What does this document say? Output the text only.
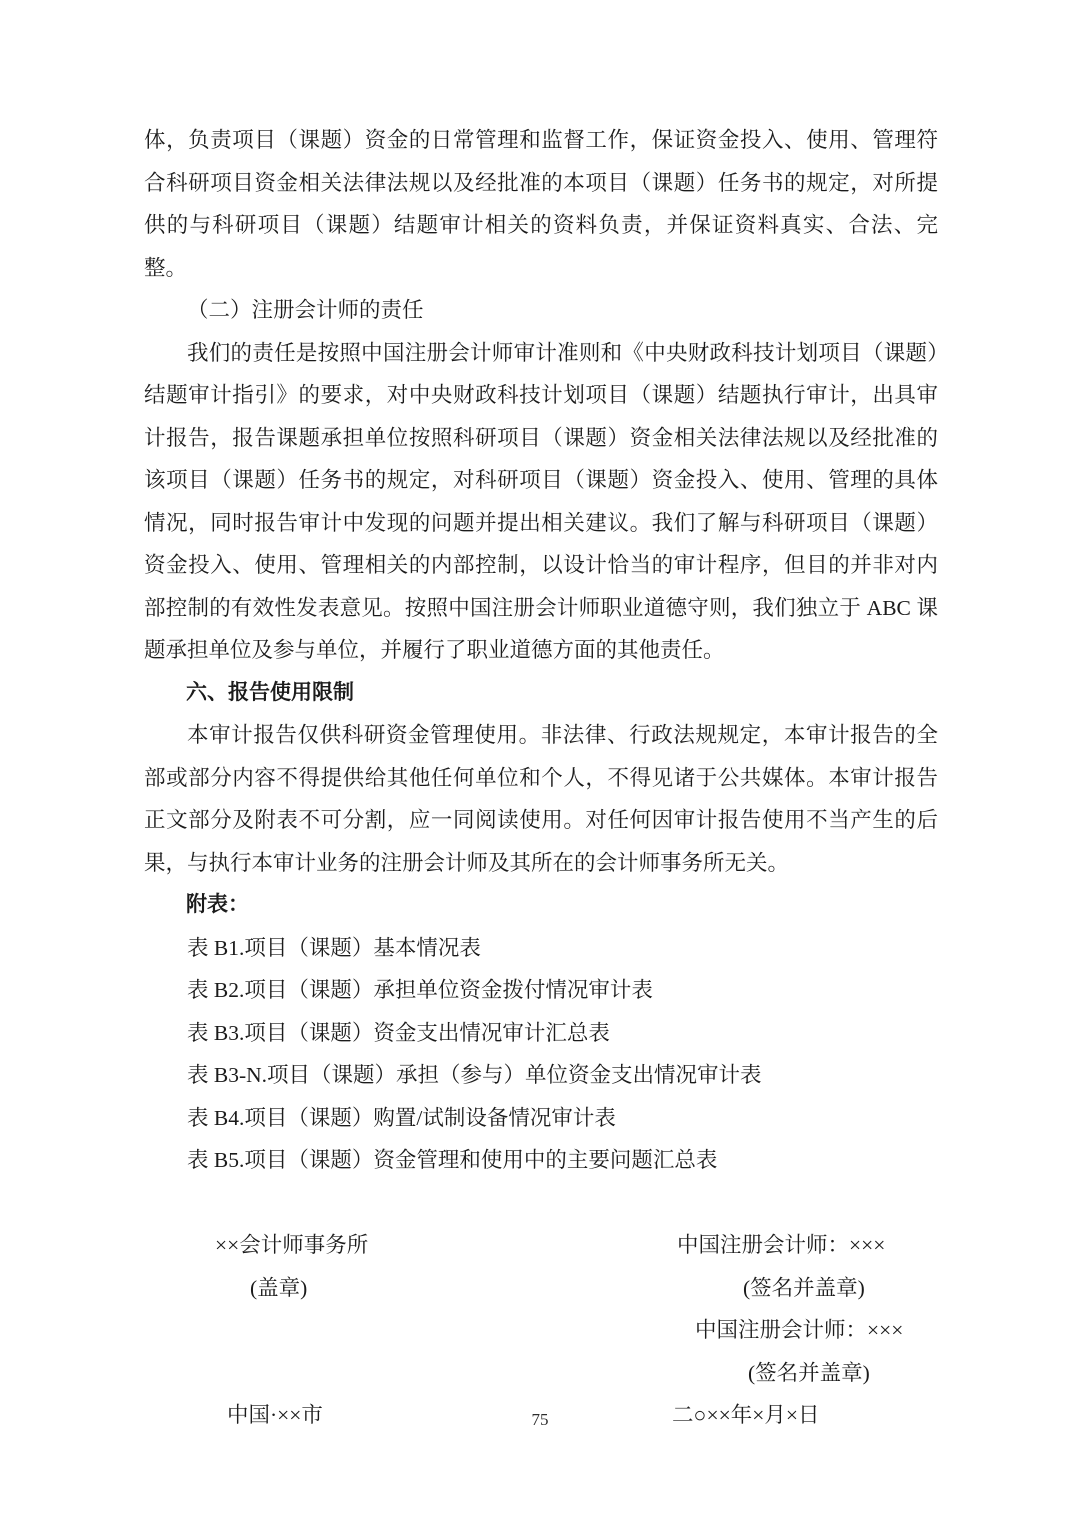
体，负责项目（课题）资金的日常管理和监督工作，保证资金投入、使用、管理符合科研项目资金相关法律法规以及经批准的本项目（课题）任务书的规定，对所提供的与科研项目（课题）结题审计相关的资料负责，并保证资料真实、合法、完整。

（二）注册会计师的责任

我们的责任是按照中国注册会计师审计准则和《中央财政科技计划项目（课题）结题审计指引》的要求，对中央财政科技计划项目（课题）结题执行审计，出具审计报告，报告课题承担单位按照科研项目（课题）资金相关法律法规以及经批准的该项目（课题）任务书的规定，对科研项目（课题）资金投入、使用、管理的具体情况，同时报告审计中发现的问题并提出相关建议。我们了解与科研项目（课题）资金投入、使用、管理相关的内部控制，以设计恰当的审计程序，但目的并非对内部控制的有效性发表意见。按照中国注册会计师职业道德守则，我们独立于 ABC 课题承担单位及参与单位，并履行了职业道德方面的其他责任。

六、报告使用限制

本审计报告仅供科研资金管理使用。非法律、行政法规规定，本审计报告的全部或部分内容不得提供给其他任何单位和个人，不得见诸于公共媒体。本审计报告正文部分及附表不可分割，应一同阅读使用。对任何因审计报告使用不当产生的后果，与执行本审计业务的注册会计师及其所在的会计师事务所无关。

附表：
表 B1.项目（课题）基本情况表
表 B2.项目（课题）承担单位资金拨付情况审计表
表 B3.项目（课题）资金支出情况审计汇总表
表 B3-N.项目（课题）承担（参与）单位资金支出情况审计表
表 B4.项目（课题）购置/试制设备情况审计表
表 B5.项目（课题）资金管理和使用中的主要问题汇总表
××会计师事务所	中国注册会计师：×××
(盖章)	(签名并盖章)
中国注册会计师：×××
(签名并盖章)
中国·××市	二○××年×月×日
75
